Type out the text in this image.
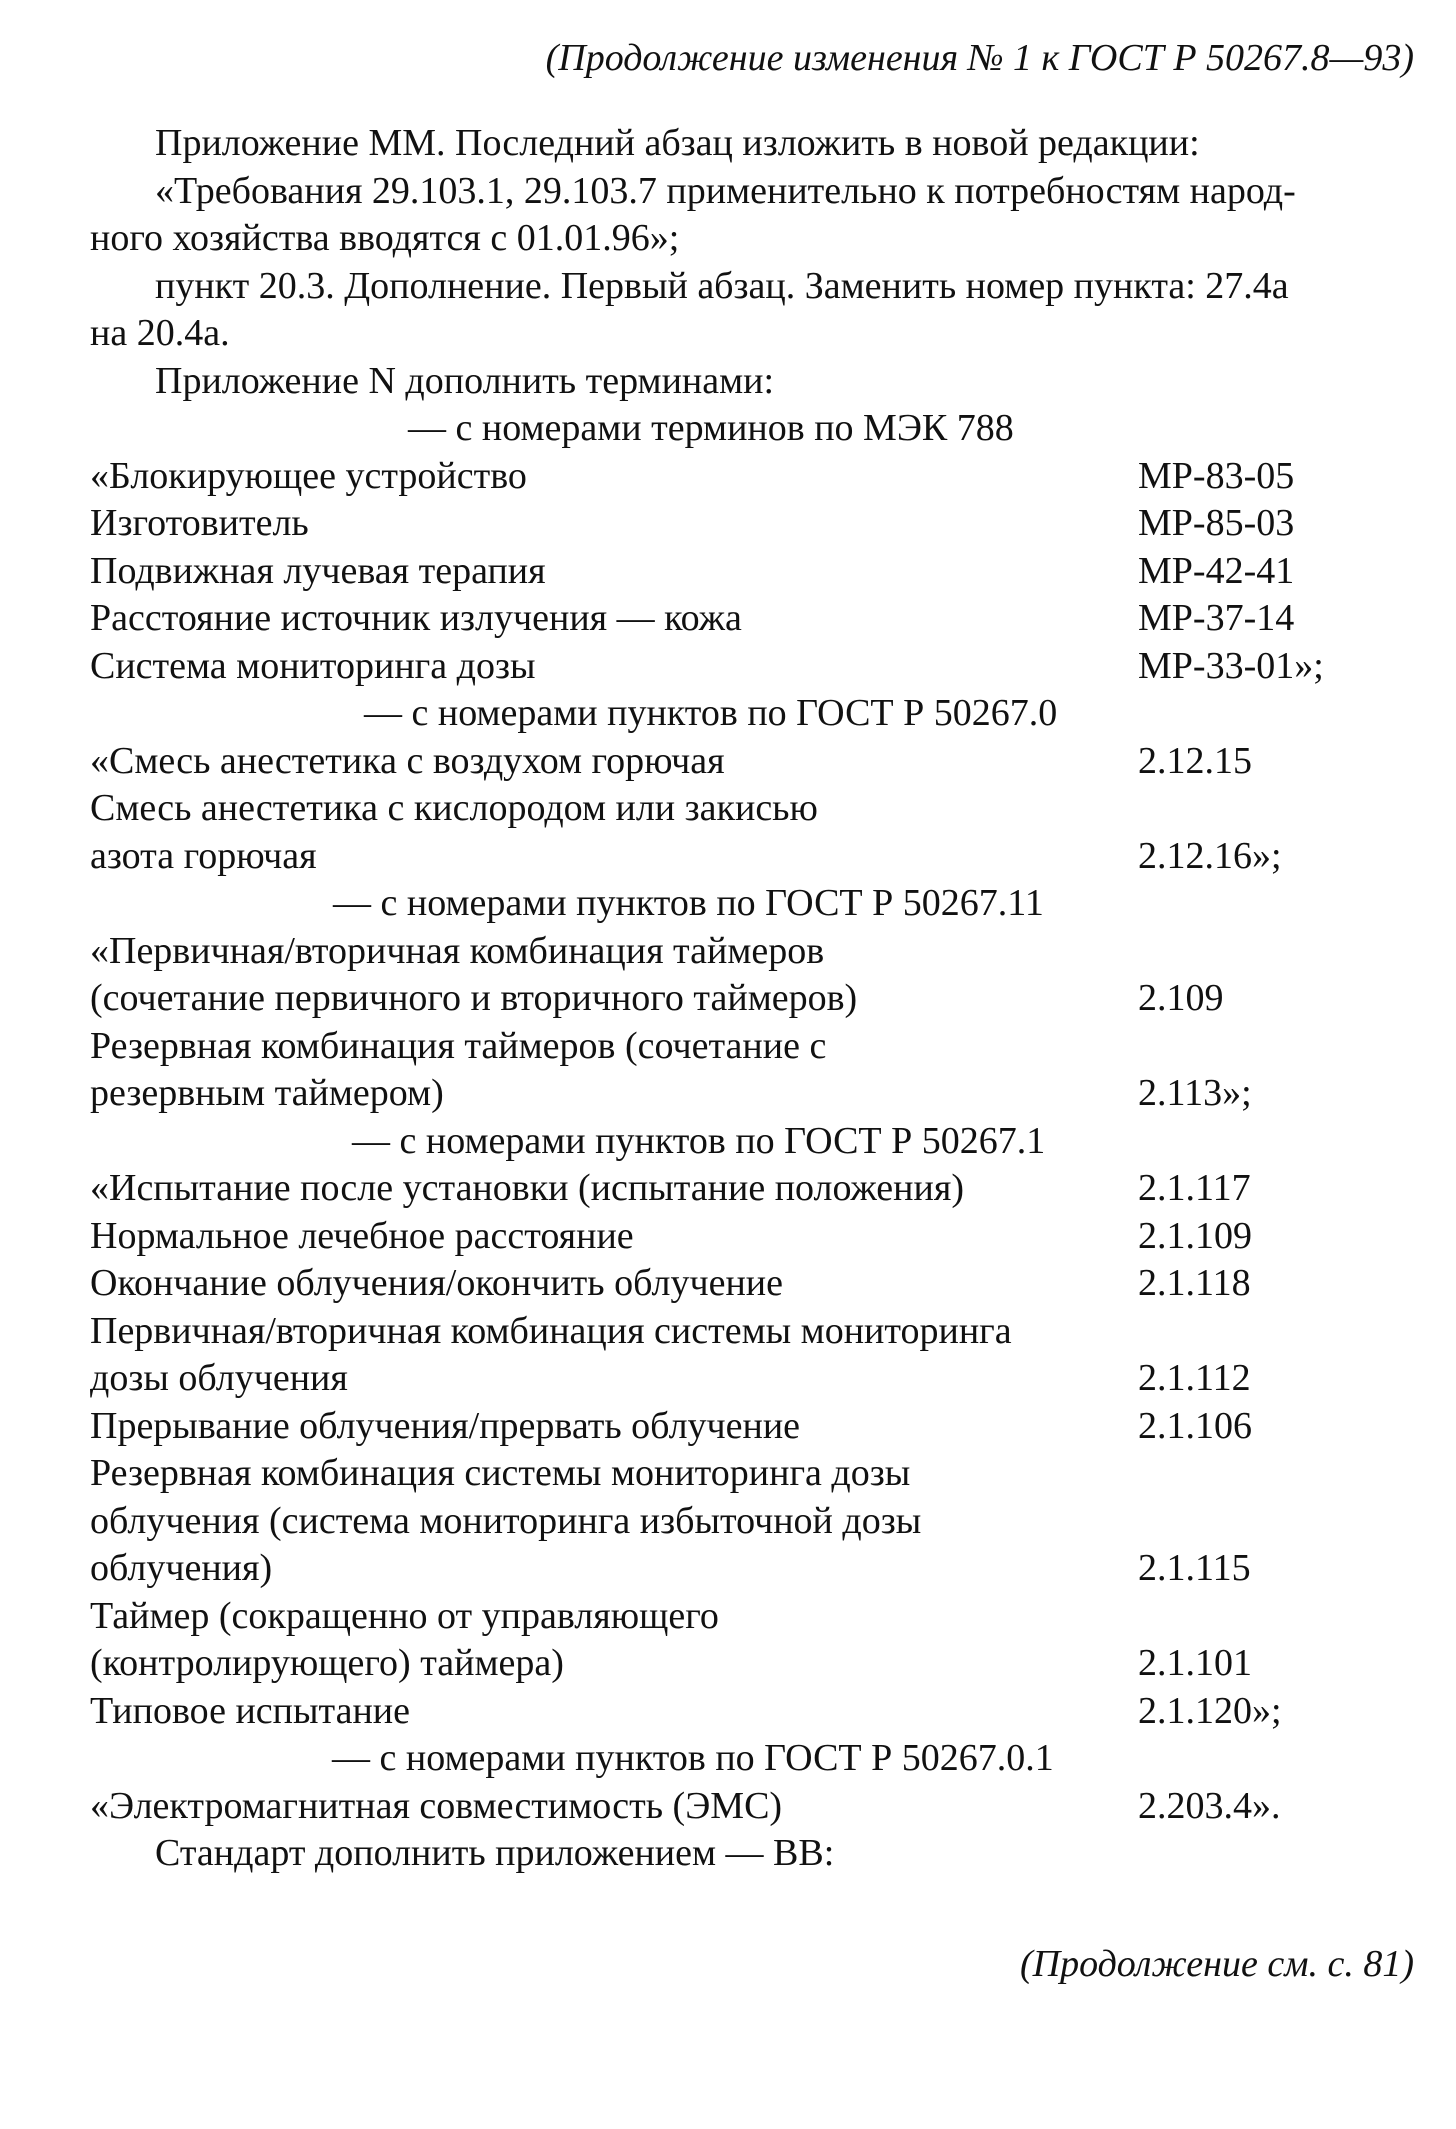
(Продолжение изменения № 1 к ГОСТ Р 50267.8—93)

Приложение ММ. Последний абзац изложить в новой редакции:

«Требования 29.103.1, 29.103.7 применительно к потребностям народ-

ного хозяйства вводятся с 01.01.96»;

пункт 20.3. Дополнение. Первый абзац. Заменить номер пункта: 27.4а

на 20.4а.

Приложение N дополнить терминами:

— с номерами терминов по МЭК 788

«Блокирующее устройство	MP-83-05
Изготовитель	MP-85-03
Подвижная лучевая терапия	MP-42-41
Расстояние источник излучения — кожа	MP-37-14
Система мониторинга дозы	MP-33-01»;

— с номерами пунктов по ГОСТ Р 50267.0

«Смесь анестетика с воздухом горючая	2.12.15
Смесь анестетика с кислородом или закисью
азота горючая	2.12.16»;

— с номерами пунктов по ГОСТ Р 50267.11

«Первичная/вторичная комбинация таймеров
(сочетание первичного и вторичного таймеров)	2.109
Резервная комбинация таймеров (сочетание с
резервным таймером)	2.113»;

— с номерами пунктов по ГОСТ Р 50267.1

«Испытание после установки (испытание положения)	2.1.117
Нормальное лечебное расстояние	2.1.109
Окончание облучения/окончить облучение	2.1.118
Первичная/вторичная комбинация системы мониторинга
дозы облучения	2.1.112
Прерывание облучения/прервать облучение	2.1.106
Резервная комбинация системы мониторинга дозы
облучения (система мониторинга избыточной дозы
облучения)	2.1.115
Таймер (сокращенно от управляющего
(контролирующего) таймера)	2.1.101
Типовое испытание	2.1.120»;

— с номерами пунктов по ГОСТ Р 50267.0.1

«Электромагнитная совместимость (ЭМС)	2.203.4».

Стандарт дополнить приложением — ВВ:

(Продолжение см. с. 81)
